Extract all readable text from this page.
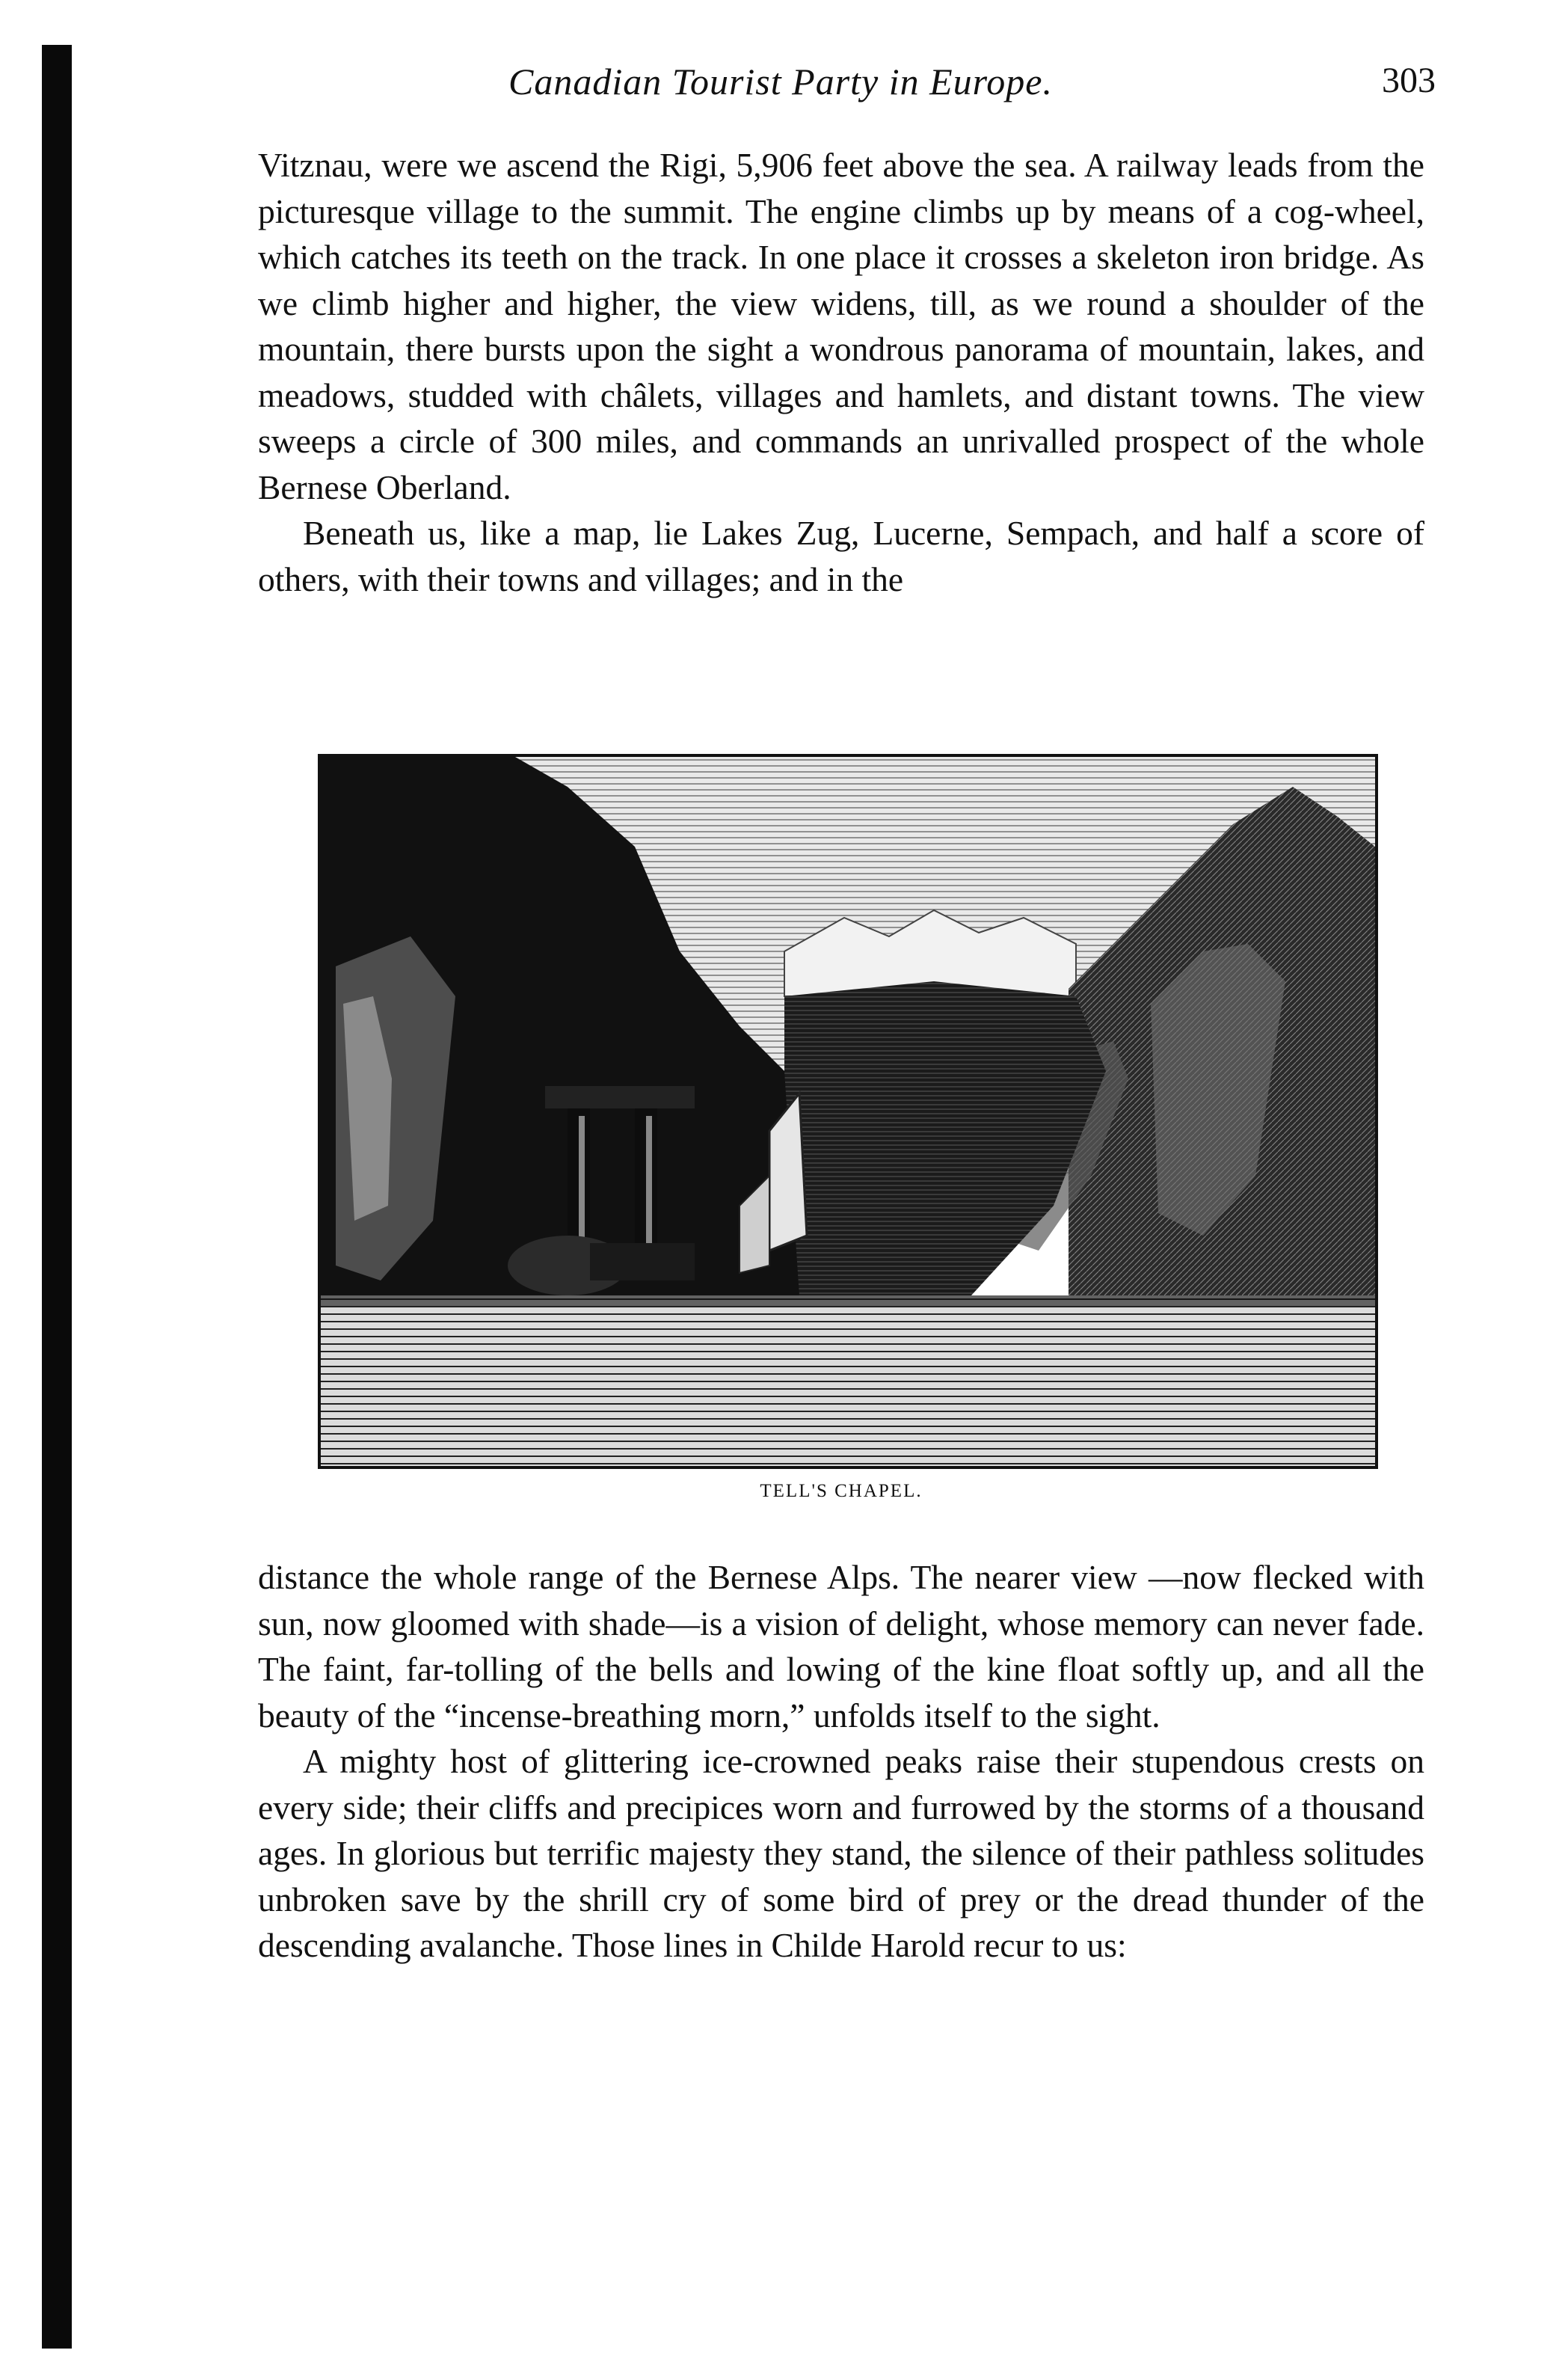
Canadian Tourist Party in Europe.	303

Vitznau, were we ascend the Rigi, 5,906 feet above the sea. A railway leads from the picturesque village to the summit. The engine climbs up by means of a cog-wheel, which catches its teeth on the track. In one place it crosses a skeleton iron bridge. As we climb higher and higher, the view widens, till, as we round a shoulder of the mountain, there bursts upon the sight a wondrous panorama of mountain, lakes, and meadows, studded with châlets, villages and hamlets, and distant towns. The view sweeps a circle of 300 miles, and commands an unrivalled prospect of the whole Bernese Oberland.

Beneath us, like a map, lie Lakes Zug, Lucerne, Sempach, and half a score of others, with their towns and villages; and in the

TELL'S CHAPEL.

distance the whole range of the Bernese Alps. The nearer view —now flecked with sun, now gloomed with shade—is a vision of delight, whose memory can never fade. The faint, far-tolling of the bells and lowing of the kine float softly up, and all the beauty of the “incense-breathing morn,” unfolds itself to the sight.

A mighty host of glittering ice-crowned peaks raise their stupendous crests on every side; their cliffs and precipices worn and furrowed by the storms of a thousand ages. In glorious but terrific majesty they stand, the silence of their pathless solitudes unbroken save by the shrill cry of some bird of prey or the dread thunder of the descending avalanche. Those lines in Childe Harold recur to us:
